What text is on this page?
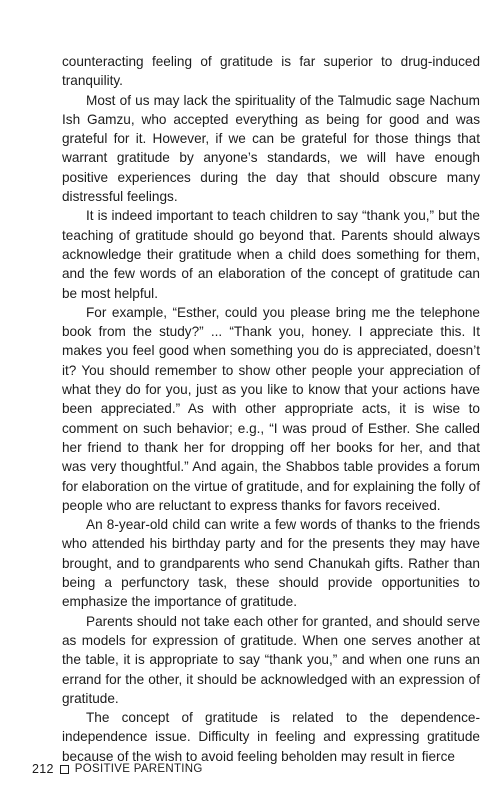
counteracting feeling of gratitude is far superior to drug-induced tranquility.

Most of us may lack the spirituality of the Talmudic sage Nachum Ish Gamzu, who accepted everything as being for good and was grateful for it. However, if we can be grateful for those things that warrant gratitude by anyone’s standards, we will have enough positive experiences during the day that should obscure many distressful feelings.

It is indeed important to teach children to say “thank you,” but the teaching of gratitude should go beyond that. Parents should always acknowledge their gratitude when a child does something for them, and the few words of an elaboration of the concept of gratitude can be most helpful.

For example, “Esther, could you please bring me the telephone book from the study?” ... “Thank you, honey. I appreciate this. It makes you feel good when something you do is appreciated, doesn’t it? You should remember to show other people your appreciation of what they do for you, just as you like to know that your actions have been appreciated.” As with other appropriate acts, it is wise to comment on such behavior; e.g., “I was proud of Esther. She called her friend to thank her for dropping off her books for her, and that was very thoughtful.” And again, the Shabbos table provides a forum for elaboration on the virtue of gratitude, and for explaining the folly of people who are reluctant to express thanks for favors received.

An 8-year-old child can write a few words of thanks to the friends who attended his birthday party and for the presents they may have brought, and to grandparents who send Chanukah gifts. Rather than being a perfunctory task, these should provide opportunities to emphasize the importance of gratitude.

Parents should not take each other for granted, and should serve as models for expression of gratitude. When one serves another at the table, it is appropriate to say “thank you,” and when one runs an errand for the other, it should be acknowledged with an expression of gratitude.

The concept of gratitude is related to the dependence-independence issue. Difficulty in feeling and expressing gratitude because of the wish to avoid feeling beholden may result in fierce

212 POSITIVE PARENTING
